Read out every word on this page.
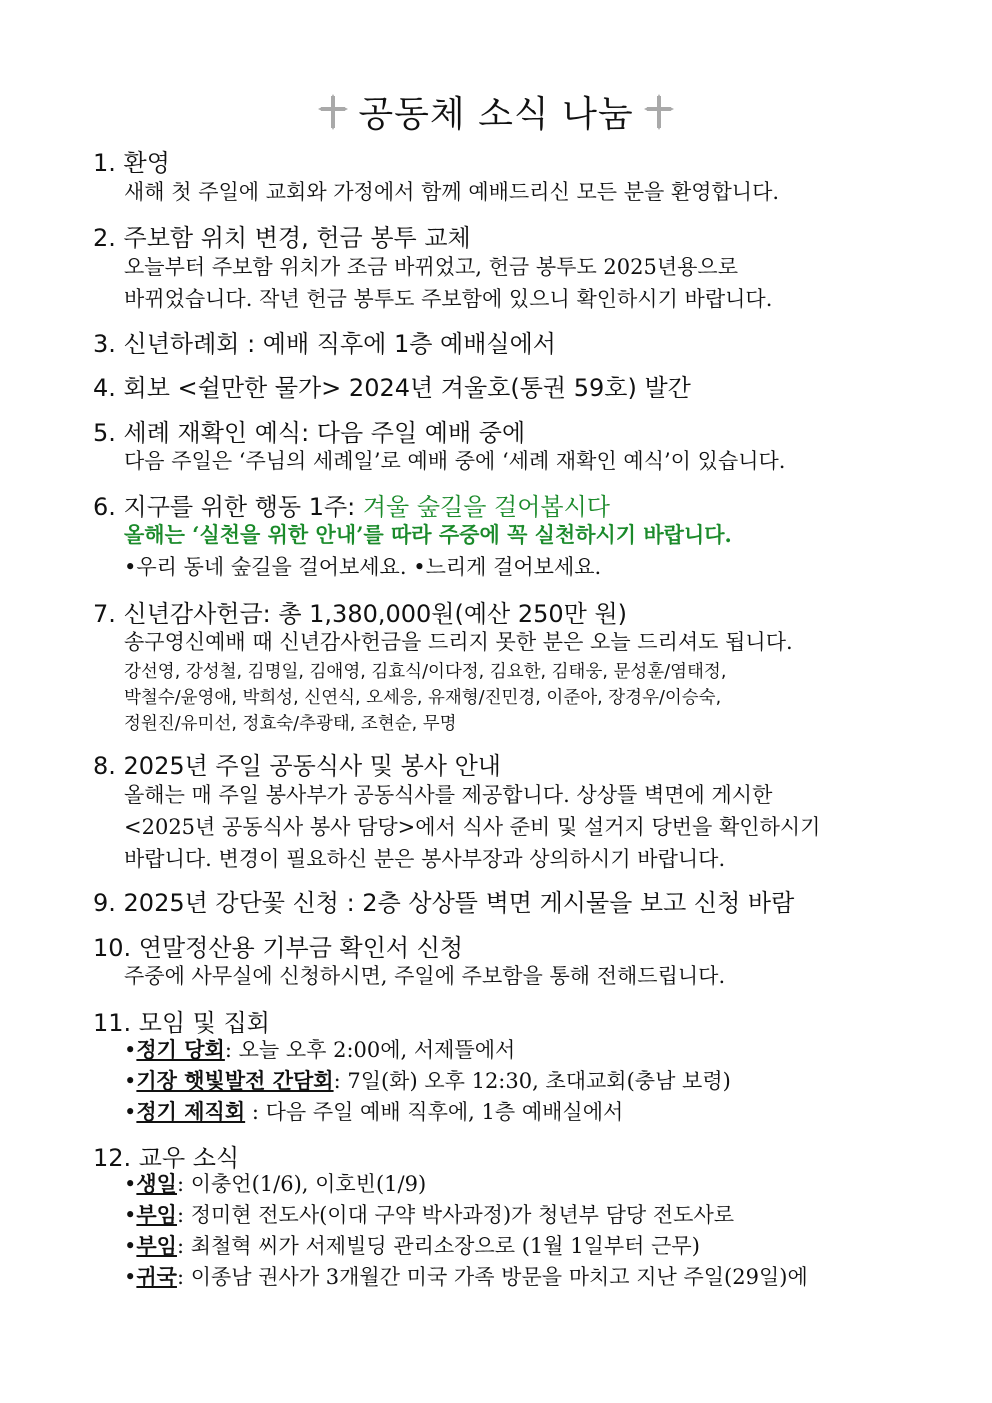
공동체 소식 나눔
1. 환영
새해 첫 주일에 교회와 가정에서 함께 예배드리신 모든 분을 환영합니다.
2. 주보함 위치 변경, 헌금 봉투 교체
오늘부터 주보함 위치가 조금 바뀌었고, 헌금 봉투도 2025년용으로
바뀌었습니다. 작년 헌금 봉투도 주보함에 있으니 확인하시기 바랍니다.
3. 신년하례회 : 예배 직후에 1층 예배실에서
4. 회보 <쉴만한 물가> 2024년 겨울호(통권 59호) 발간
5. 세례 재확인 예식: 다음 주일 예배 중에
다음 주일은 ‘주님의 세례일’로 예배 중에 ‘세례 재확인 예식’이 있습니다.
6. 지구를 위한 행동 1주: 겨울 숲길을 걸어봅시다
올해는 ‘실천을 위한 안내’를 따라 주중에 꼭 실천하시기 바랍니다.
•우리 동네 숲길을 걸어보세요. •느리게 걸어보세요.
7. 신년감사헌금: 총 1,380,000원(예산 250만 원)
송구영신예배 때 신년감사헌금을 드리지 못한 분은 오늘 드리셔도 됩니다.
강선영, 강성철, 김명일, 김애영, 김효식/이다정, 김요한, 김태웅, 문성훈/염태정,
박철수/윤영애, 박희성, 신연식, 오세응, 유재형/진민경, 이준아, 장경우/이승숙,
정원진/유미선, 정효숙/추광태, 조현순, 무명
8. 2025년 주일 공동식사 및 봉사 안내
올해는 매 주일 봉사부가 공동식사를 제공합니다. 상상뜰 벽면에 게시한
<2025년 공동식사 봉사 담당>에서 식사 준비 및 설거지 당번을 확인하시기
바랍니다. 변경이 필요하신 분은 봉사부장과 상의하시기 바랍니다.
9. 2025년 강단꽃 신청 : 2층 상상뜰 벽면 게시물을 보고 신청 바람
10. 연말정산용 기부금 확인서 신청
주중에 사무실에 신청하시면, 주일에 주보함을 통해 전해드립니다.
11. 모임 및 집회
•정기 당회: 오늘 오후 2:00에, 서제뜰에서
•기장 햇빛발전 간담회: 7일(화) 오후 12:30, 초대교회(충남 보령)
•정기 제직회 : 다음 주일 예배 직후에, 1층 예배실에서
12. 교우 소식
•생일: 이충언(1/6), 이호빈(1/9)
•부임: 정미현 전도사(이대 구약 박사과정)가 청년부 담당 전도사로
•부임: 최철혁 씨가 서제빌딩 관리소장으로 (1월 1일부터 근무)
•귀국: 이종남 권사가 3개월간 미국 가족 방문을 마치고 지난 주일(29일)에
